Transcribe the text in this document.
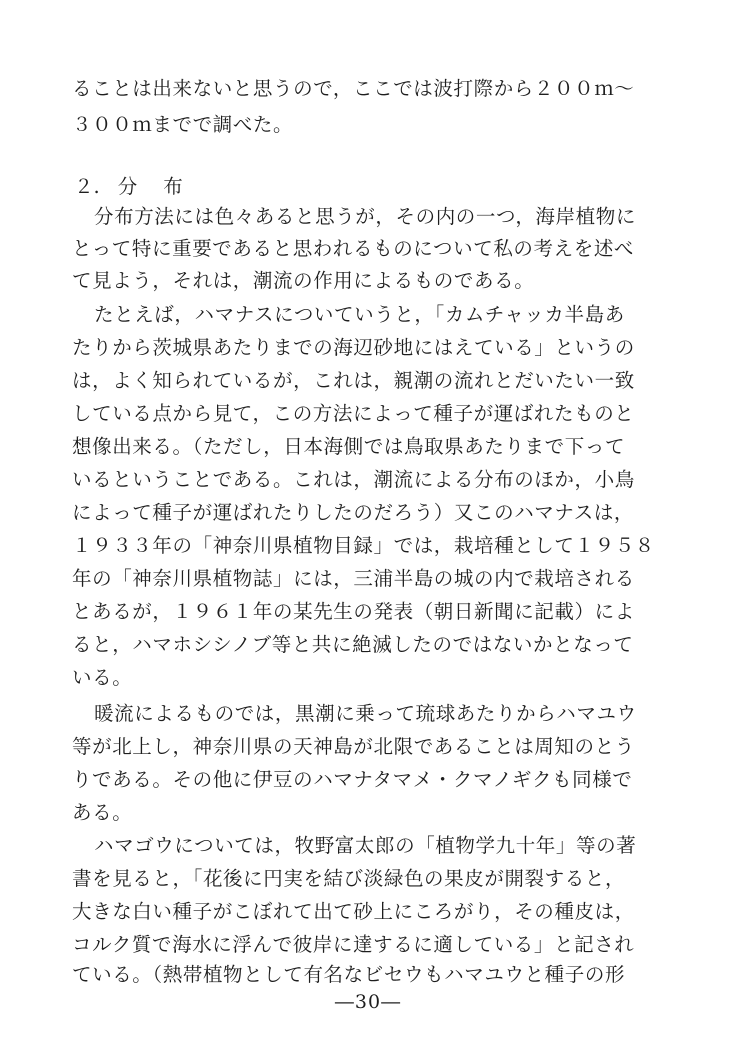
ることは出来ないと思うので，ここでは波打際から２００ｍ～
３００ｍまでで調べた。
２. 分 布
分布方法には色々あると思うが，その内の一つ，海岸植物に
とって特に重要であると思われるものについて私の考えを述べ
て見よう，それは，潮流の作用によるものである。
たとえば，ハマナスについていうと，「カムチャッカ半島あ
たりから茨城県あたりまでの海辺砂地にはえている」というの
は，よく知られているが，これは，親潮の流れとだいたい一致
している点から見て，この方法によって種子が運ばれたものと
想像出来る。（ただし，日本海側では鳥取県あたりまで下って
いるということである。これは，潮流による分布のほか，小鳥
によって種子が運ばれたりしたのだろう）又このハマナスは，
１９３３年の「神奈川県植物目録」では，栽培種として１９５８
年の「神奈川県植物誌」には，三浦半島の城の内で栽培される
とあるが，１９６１年の某先生の発表（朝日新聞に記載）によ
ると，ハマホシシノブ等と共に絶滅したのではないかとなって
いる。
暖流によるものでは，黒潮に乗って琉球あたりからハマユウ
等が北上し，神奈川県の天神島が北限であることは周知のとう
りである。その他に伊豆のハマナタマメ・クマノギクも同様で
ある。
ハマゴウについては，牧野富太郎の「植物学九十年」等の著
書を見ると，「花後に円実を結び淡緑色の果皮が開裂すると，
大きな白い種子がこぼれて出て砂上にころがり，その種皮は，
コルク質で海水に浮んで彼岸に達するに適している」と記され
ている。（熱帯植物として有名なビセウもハマユウと種子の形
―30―
